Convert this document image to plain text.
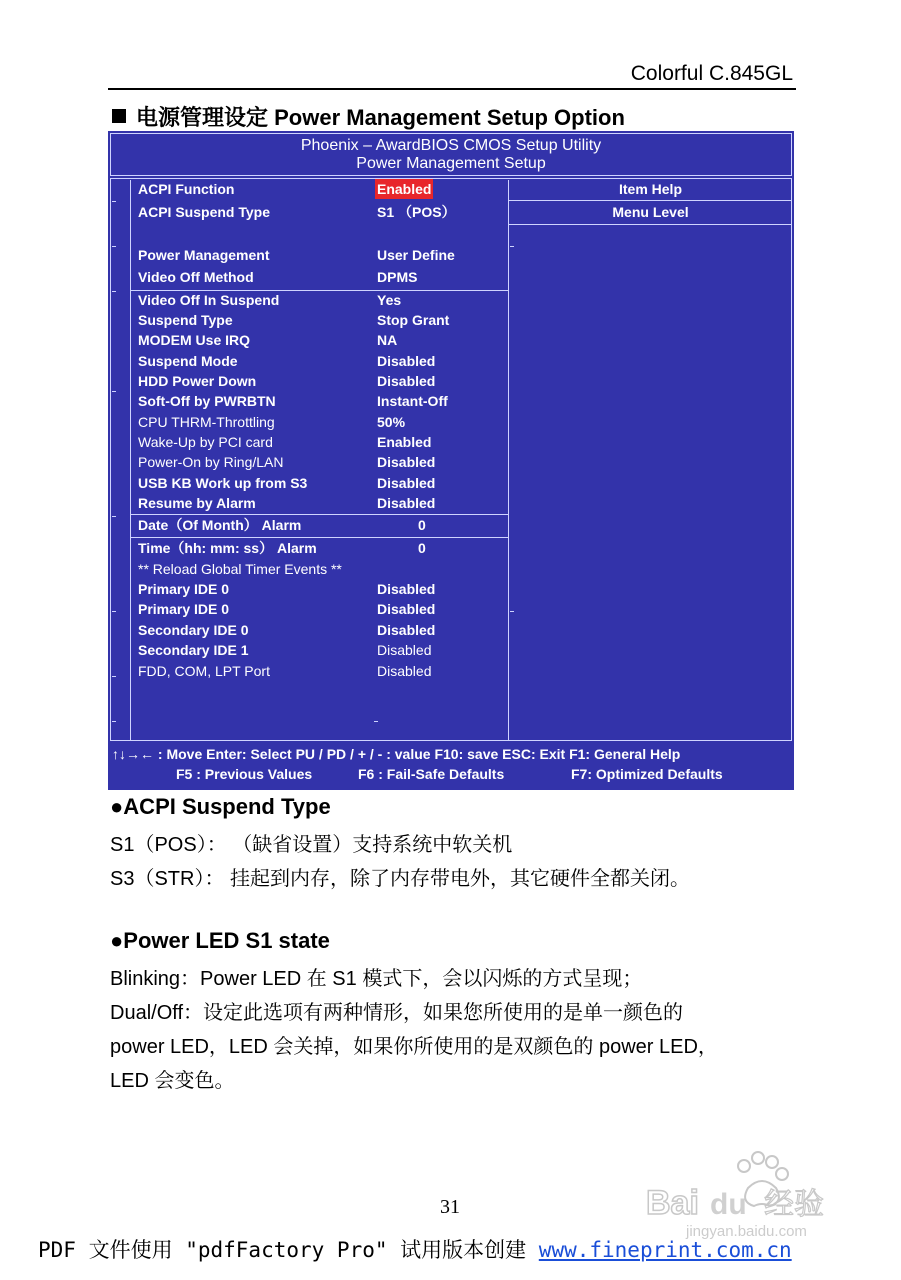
Colorful C.845GL
电源管理设定 Power Management Setup Option
Phoenix – AwardBIOS CMOS Setup Utility
Power Management Setup
Item Help
Menu Level
ACPI Function	Enabled
ACPI Suspend Type	S1 （POS）
Power Management	User Define
Video Off Method	DPMS
Video Off In Suspend	Yes
Suspend Type	Stop Grant
MODEM Use IRQ	NA
Suspend Mode	Disabled
HDD Power Down	Disabled
Soft-Off by PWRBTN	Instant-Off
CPU THRM-Throttling	50%
Wake-Up by PCI card	Enabled
Power-On by Ring/LAN	Disabled
USB KB Work up from S3	Disabled
Resume by Alarm	Disabled
Date（Of Month） Alarm	0
Time（hh: mm: ss） Alarm	0
** Reload Global Timer Events **
Primary IDE 0	Disabled
Primary IDE 0	Disabled
Secondary IDE 0	Disabled
Secondary IDE 1	Disabled
FDD, COM, LPT Port	Disabled
↑↓→← : Move Enter: Select PU / PD / + / - : value F10: save ESC: Exit F1: General Help
F5 : Previous Values	F6 : Fail-Safe Defaults	F7: Optimized Defaults
●ACPI Suspend Type
S1（POS）： （缺省设置）支持系统中软关机
S3（STR）： 挂起到内存，除了内存带电外，其它硬件全都关闭。
●Power LED S1 state
Blinking：Power LED 在 S1 模式下，会以闪烁的方式呈现；
Dual/Off：设定此选项有两种情形，如果您所使用的是单一颜色的
power LED，LED 会关掉，如果你所使用的是双颜色的 power LED，
LED 会变色。
31	Bai du 经验
jingyan.baidu.com
PDF 文件使用 "pdfFactory Pro" 试用版本创建 www.fineprint.com.cn
